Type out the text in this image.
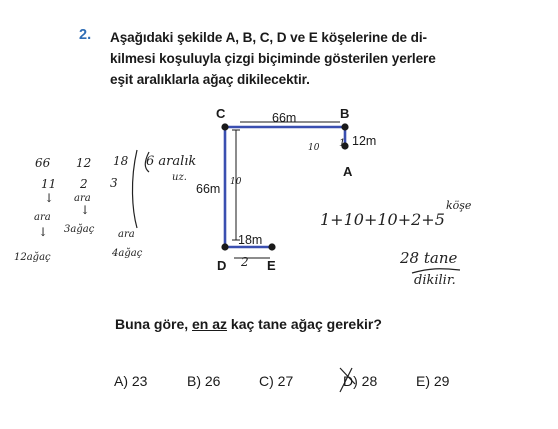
2. Aşağıdaki şekilde A, B, C, D ve E köşelerine de di-
kilmesi koşuluyla çizgi biçiminde gösterilen yerlere
eşit aralıklarla ağaç dikilecektir.
C	B
A
D	E
66m
12m
66m
18m
66
11
↓
ara
↓
12ağaç
12
2
ara
↓
3ağaç
18
3
ara
4ağaç
6 aralık
uz.	10
10 1
2
köşe
1+10+10+2+5
28 tane
dikilir.
Buna göre, en az kaç tane ağaç gerekir?
A) 23	B) 26	C) 27	D) 28	E) 29
